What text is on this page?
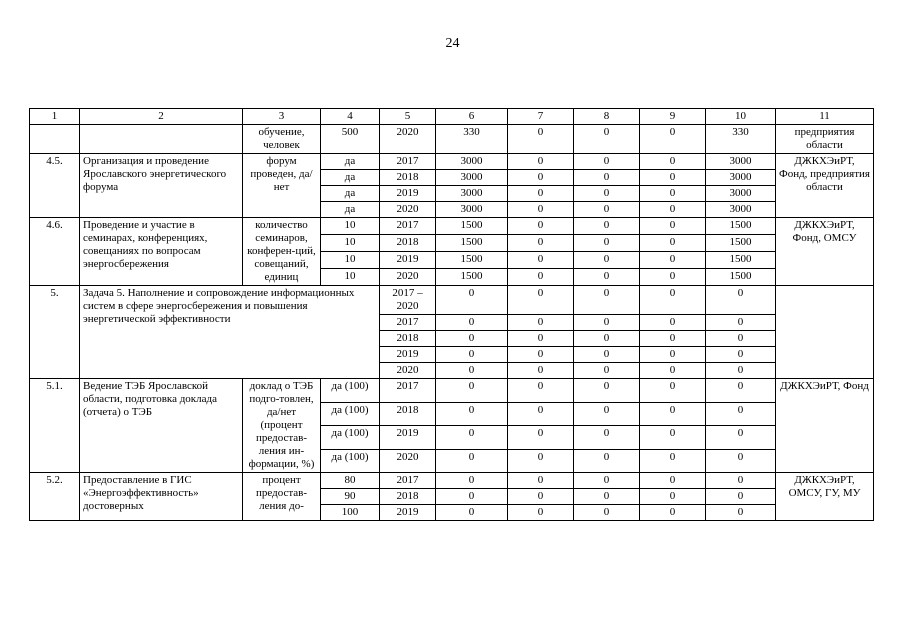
24
1	2	3	4	5	6	7	8	9	10	11
		обучение, человек	500	2020	330	0	0	0	330	предприятия области
4.5.	Организация и проведение Ярославского энергетического форума	форум проведен, да/нет	да	2017	3000	0	0	0	3000	ДЖКХЭиРТ, Фонд, предприятия области
			да	2018	3000	0	0	0	3000	
			да	2019	3000	0	0	0	3000	
			да	2020	3000	0	0	0	3000	
4.6.	Проведение и участие в семинарах, конференциях, совещаниях по вопросам энергосбережения	количество семинаров, конферен-ций, совещаний, единиц	10	2017	1500	0	0	0	1500	ДЖКХЭиРТ, Фонд, ОМСУ
			10	2018	1500	0	0	0	1500	
			10	2019	1500	0	0	0	1500	
			10	2020	1500	0	0	0	1500	
5.	Задача 5. Наполнение и сопровождение информационных систем в сфере энергосбережения и повышения энергетической эффективности			2017 – 2020	0	0	0	0	0	
				2017	0	0	0	0	0	
				2018	0	0	0	0	0	
				2019	0	0	0	0	0	
				2020	0	0	0	0	0	
5.1.	Ведение ТЭБ Ярославской области, подготовка доклада (отчета) о ТЭБ	доклад о ТЭБ подго-товлен, да/нет (процент предостав-ления ин-формации, %)	да (100)	2017	0	0	0	0	0	ДЖКХЭиРТ, Фонд
			да (100)	2018	0	0	0	0	0	
			да (100)	2019	0	0	0	0	0	
			да (100)	2020	0	0	0	0	0	
5.2.	Предоставление в ГИС «Энергоэффективность» достоверных	процент предостав-ления до-	80	2017	0	0	0	0	0	ДЖКХЭиРТ, ОМСУ, ГУ, МУ
			90	2018	0	0	0	0	0	
			100	2019	0	0	0	0	0	
